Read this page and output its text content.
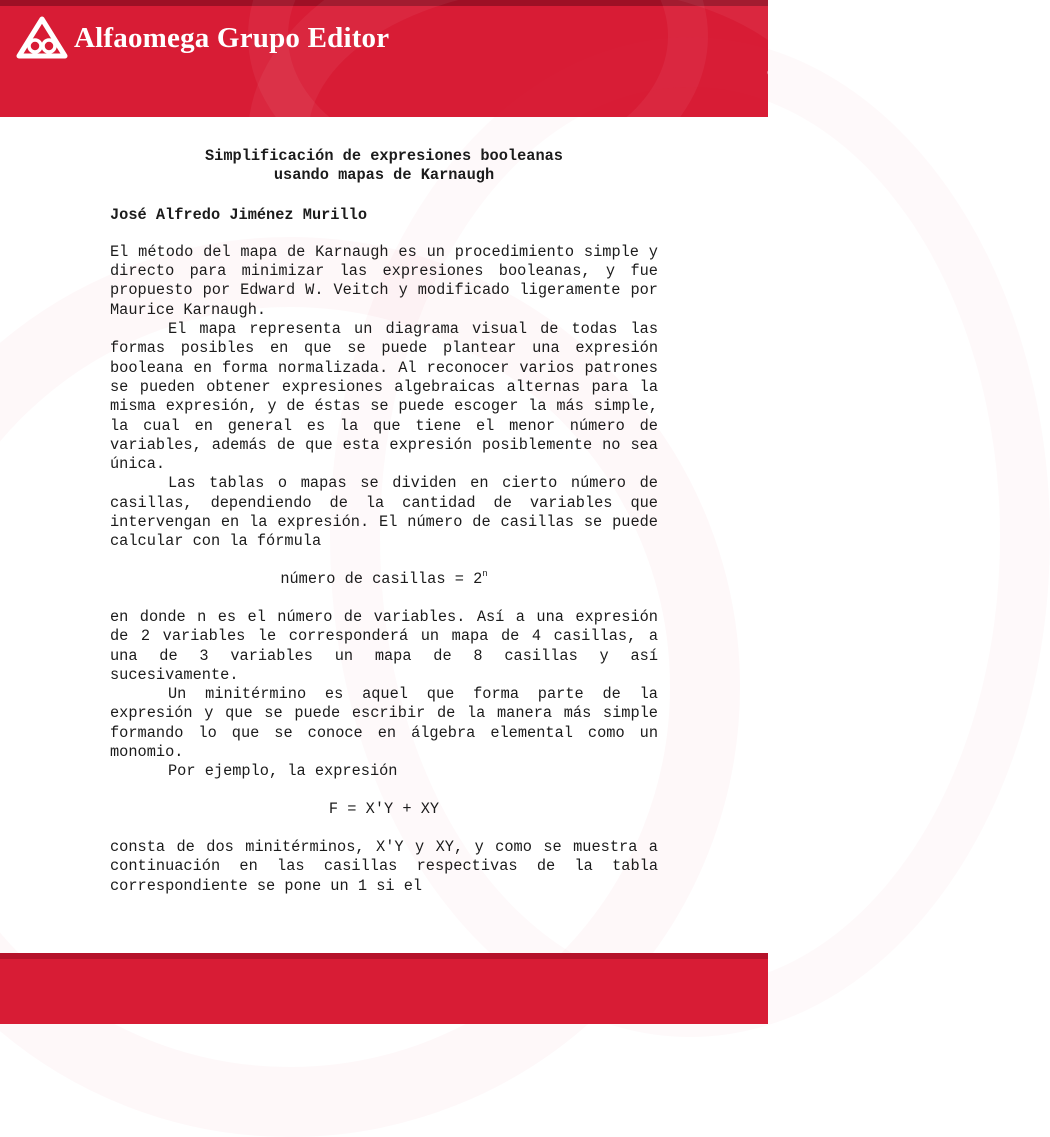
Alfaomega Grupo Editor
Conte

Simplificación de expresiones booleanas
usando mapas de Karnaugh

José Alfredo Jiménez Murillo

El método del mapa de Karnaugh es un procedimiento simple y directo para minimizar las expresiones booleanas, y fue propuesto por Edward W. Veitch y modificado ligeramente por Maurice Karnaugh.

El mapa representa un diagrama visual de todas las formas posibles en que se puede plantear una expresión booleana en forma normalizada. Al reconocer varios patrones se pueden obtener expresiones algebraicas alternas para la misma expresión, y de éstas se puede escoger la más simple, la cual en general es la que tiene el menor número de variables, además de que esta expresión posiblemente no sea única.

Las tablas o mapas se dividen en cierto número de casillas, dependiendo de la cantidad de variables que intervengan en la expresión. El número de casillas se puede calcular con la fórmula

número de casillas = $2^n$

en donde n es el número de variables. Así a una expresión de 2 variables le corresponderá un mapa de 4 casillas, a una de 3 variables un mapa de 8 casillas y así sucesivamente.

Un minitérmino es aquel que forma parte de la expresión y que se puede escribir de la manera más simple formando lo que se conoce en álgebra elemental como un monomio.

Por ejemplo, la expresión

F = X'Y + XY

consta de dos minitérminos, X'Y y XY, y como se muestra a continuación en las casillas respectivas de la tabla correspondiente se pone un 1 si el
